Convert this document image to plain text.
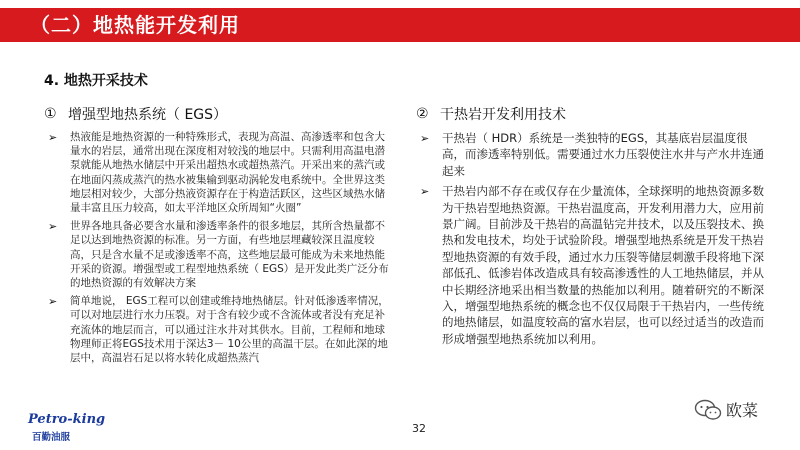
（二）地热能开发利用
4. 地热开采技术
① 增强型地热系统（ EGS）
➢	热液能是地热资源的一种特殊形式，表现为高温、高渗透率和包含大量水的岩层，通常出现在深度相对较浅的地层中。只需利用高温电潜泵就能从地热水储层中开采出超热水或超热蒸汽。开采出来的蒸汽或在地面闪蒸成蒸汽的热水被集输到驱动涡轮发电系统中。全世界这类地层相对较少，大部分热液资源存在于构造活跃区，这些区域热水储量丰富且压力较高，如太平洋地区众所周知“火圈”
➢	世界各地具备必要含水量和渗透率条件的很多地层，其所含热量都不足以达到地热资源的标准。另一方面，有些地层埋藏较深且温度较高，只是含水量不足或渗透率不高，这些地层最可能成为未来地热能开采的资源。增强型或工程型地热系统（ EGS）是开发此类广泛分布的地热资源的有效解决方案
➢	简单地说， EGS工程可以创建或维持地热储层。针对低渗透率情况，可以对地层进行水力压裂。对于含有较少或不含流体或者没有充足补充流体的地层而言，可以通过注水井对其供水。目前，工程师和地球物理师正将EGS技术用于深达3－ 10公里的高温干层。在如此深的地层中，高温岩石足以将水转化成超热蒸汽
② 干热岩开发利用技术
➢	干热岩（ HDR）系统是一类独特的EGS，其基底岩层温度很高，而渗透率特别低。需要通过水力压裂使注水井与产水井连通起来
➢	干热岩内部不存在或仅存在少量流体，全球探明的地热资源多数为干热岩型地热资源。干热岩温度高，开发利用潜力大，应用前景广阔。目前涉及干热岩的高温钻完井技术，以及压裂技术、换热和发电技术，均处于试验阶段。增强型地热系统是开发干热岩型地热资源的有效手段，通过水力压裂等储层刺激手段将地下深部低孔、低渗岩体改造成具有较高渗透性的人工地热储层，并从中长期经济地采出相当数量的热能加以利用。随着研究的不断深入，增强型地热系统的概念也不仅仅局限于干热岩内，一些传统的地热储层，如温度较高的富水岩层，也可以经过适当的改造而形成增强型地热系统加以利用。
Petro-king
百勤油服
32
欧菜
